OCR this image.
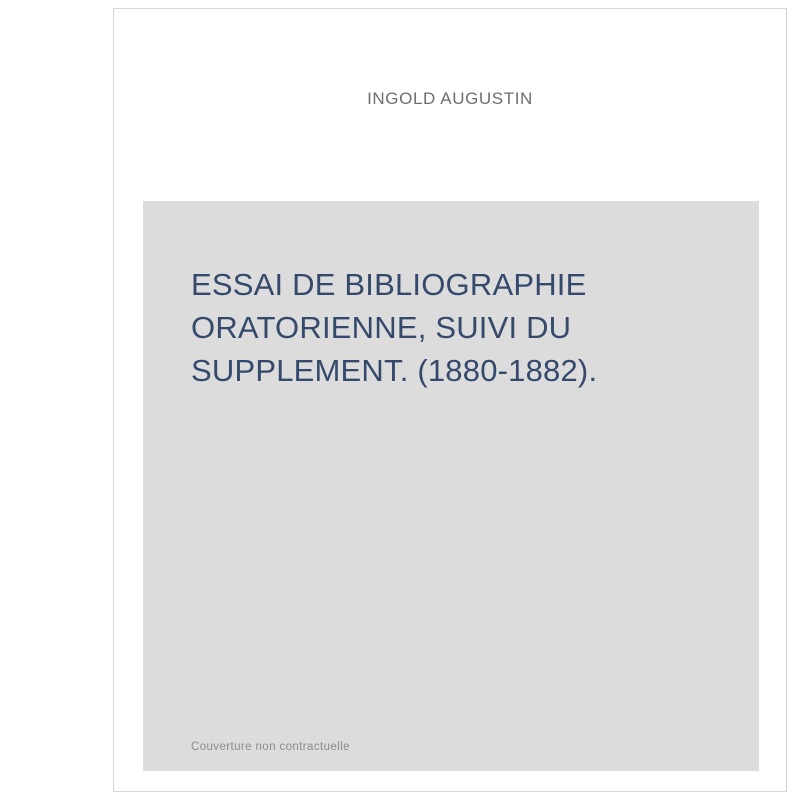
INGOLD AUGUSTIN
ESSAI DE BIBLIOGRAPHIE ORATORIENNE, SUIVI DU SUPPLEMENT. (1880-1882).
Couverture non contractuelle
